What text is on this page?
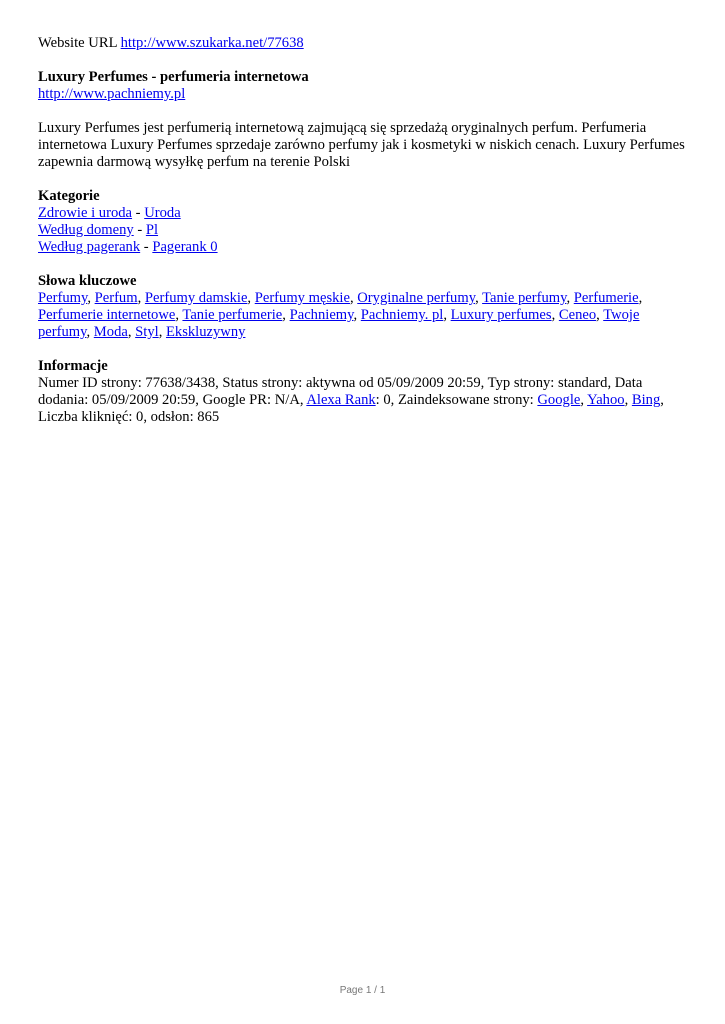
Website URL http://www.szukarka.net/77638

Luxury Perfumes - perfumeria internetowa

http://www.pachniemy.pl

Luxury Perfumes jest perfumerią internetową zajmującą się sprzedażą oryginalnych perfum. Perfumeria internetowa Luxury Perfumes sprzedaje zarówno perfumy jak i kosmetyki w niskich cenach. Luxury Perfumes zapewnia darmową wysyłkę perfum na terenie Polski

Kategorie

Zdrowie i uroda - Uroda

Według domeny - Pl

Według pagerank - Pagerank 0

Słowa kluczowe

Perfumy, Perfum, Perfumy damskie, Perfumy męskie, Oryginalne perfumy, Tanie perfumy, Perfumerie, Perfumerie internetowe, Tanie perfumerie, Pachniemy, Pachniemy. pl, Luxury perfumes, Ceneo, Twoje perfumy, Moda, Styl, Ekskluzywny

Informacje

Numer ID strony: 77638/3438, Status strony: aktywna od 05/09/2009 20:59, Typ strony: standard, Data dodania: 05/09/2009 20:59, Google PR: N/A, Alexa Rank: 0, Zaindeksowane strony: Google, Yahoo, Bing, Liczba kliknięć: 0, odsłon: 865

Page 1 / 1
